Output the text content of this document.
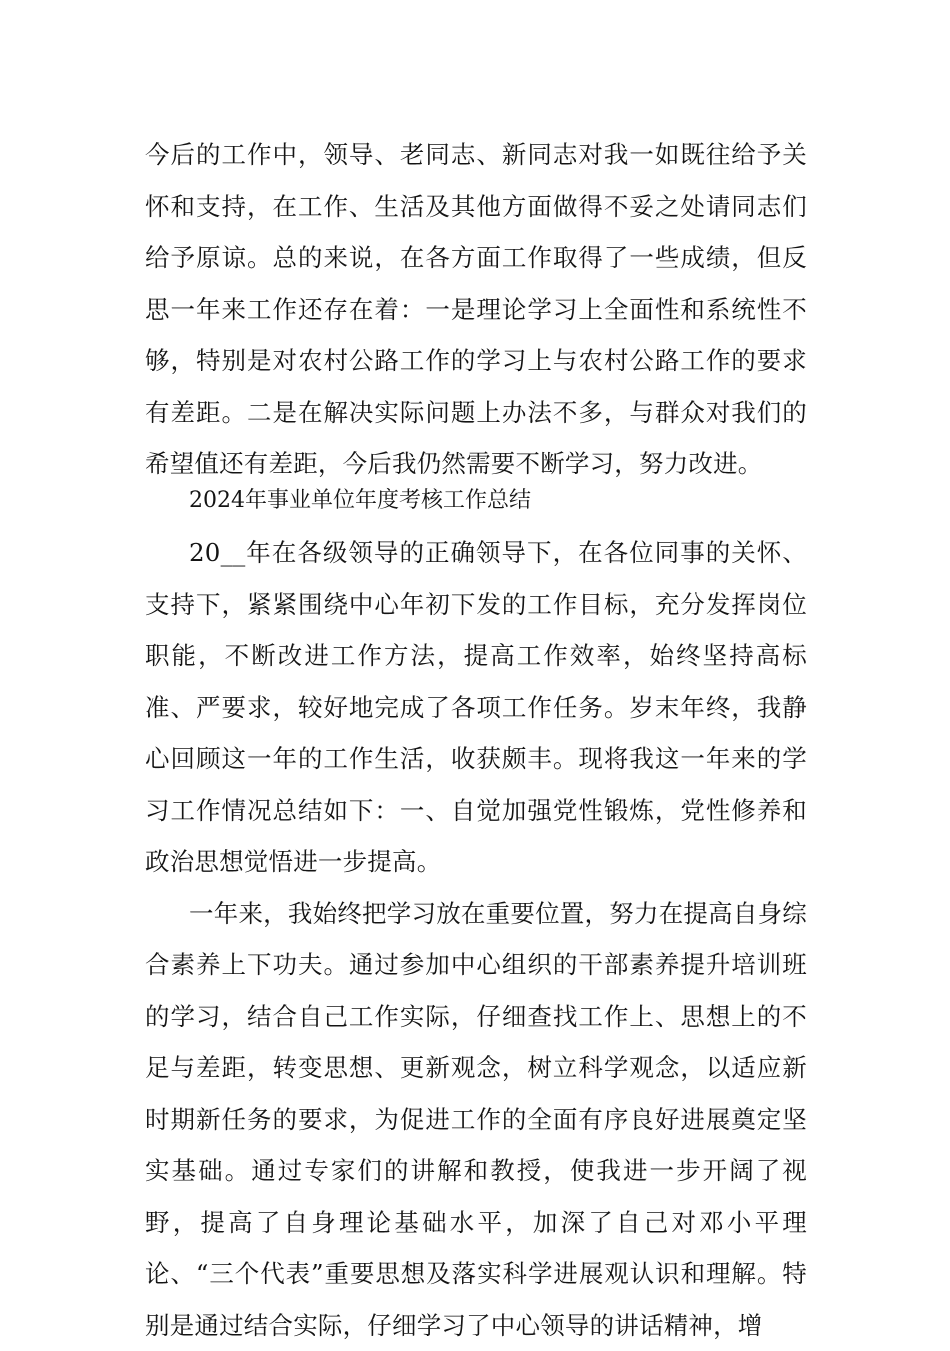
今后的工作中，领导、老同志、新同志对我一如既往给予关怀和支持，在工作、生活及其他方面做得不妥之处请同志们给予原谅。总的来说，在各方面工作取得了一些成绩，但反思一年来工作还存在着：一是理论学习上全面性和系统性不够，特别是对农村公路工作的学习上与农村公路工作的要求有差距。二是在解决实际问题上办法不多，与群众对我们的希望值还有差距，今后我仍然需要不断学习，努力改进。

2024年事业单位年度考核工作总结

20__年在各级领导的正确领导下，在各位同事的关怀、支持下，紧紧围绕中心年初下发的工作目标，充分发挥岗位职能，不断改进工作方法，提高工作效率，始终坚持高标准、严要求，较好地完成了各项工作任务。岁末年终，我静心回顾这一年的工作生活，收获颇丰。现将我这一年来的学习工作情况总结如下：一、自觉加强党性锻炼，党性修养和政治思想觉悟进一步提高。

一年来，我始终把学习放在重要位置，努力在提高自身综合素养上下功夫。通过参加中心组织的干部素养提升培训班的学习，结合自己工作实际，仔细查找工作上、思想上的不足与差距，转变思想、更新观念，树立科学观念，以适应新时期新任务的要求，为促进工作的全面有序良好进展奠定坚实基础。通过专家们的讲解和教授，使我进一步开阔了视野，提高了自身理论基础水平，加深了自己对邓小平理论、“三个代表”重要思想及落实科学进展观认识和理解。特别是通过结合实际，仔细学习了中心领导的讲话精神，增
